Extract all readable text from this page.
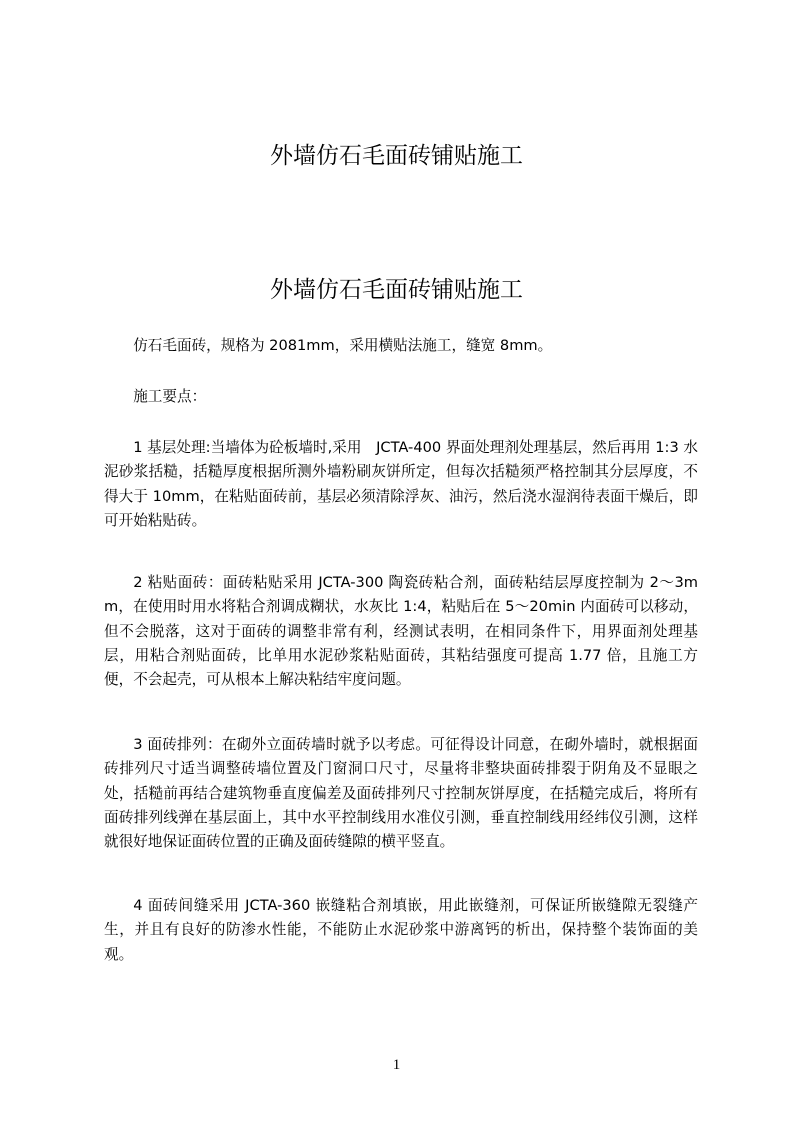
外墙仿石毛面砖铺贴施工
外墙仿石毛面砖铺贴施工

仿石毛面砖，规格为 2081mm，采用横贴法施工，缝宽 8mm。

施工要点：

1 基层处理:当墙体为砼板墙时,采用　JCTA-400 界面处理剂处理基层，然后再用 1:3 水泥砂浆括糙，括糙厚度根据所测外墙粉刷灰饼所定，但每次括糙须严格控制其分层厚度，不得大于 10mm，在粘贴面砖前，基层必须清除浮灰、油污，然后浇水湿润待表面干燥后，即可开始粘贴砖。

2 粘贴面砖：面砖粘贴采用 JCTA-300 陶瓷砖粘合剂，面砖粘结层厚度控制为 2～3mm，在使用时用水将粘合剂调成糊状，水灰比 1:4，粘贴后在 5～20min 内面砖可以移动，但不会脱落，这对于面砖的调整非常有利，经测试表明，在相同条件下，用界面剂处理基层，用粘合剂贴面砖，比单用水泥砂浆粘贴面砖，其粘结强度可提高 1.77 倍，且施工方便，不会起壳，可从根本上解决粘结牢度问题。

3 面砖排列：在砌外立面砖墙时就予以考虑。可征得设计同意，在砌外墙时，就根据面砖排列尺寸适当调整砖墙位置及门窗洞口尺寸，尽量将非整块面砖排裂于阴角及不显眼之处，括糙前再结合建筑物垂直度偏差及面砖排列尺寸控制灰饼厚度，在括糙完成后，将所有面砖排列线弹在基层面上，其中水平控制线用水准仪引测，垂直控制线用经纬仪引测，这样就很好地保证面砖位置的正确及面砖缝隙的横平竖直。

4 面砖间缝采用 JCTA-360 嵌缝粘合剂填嵌，用此嵌缝剂，可保证所嵌缝隙无裂缝产生，并且有良好的防渗水性能，不能防止水泥砂浆中游离钙的析出，保持整个装饰面的美观。

1
